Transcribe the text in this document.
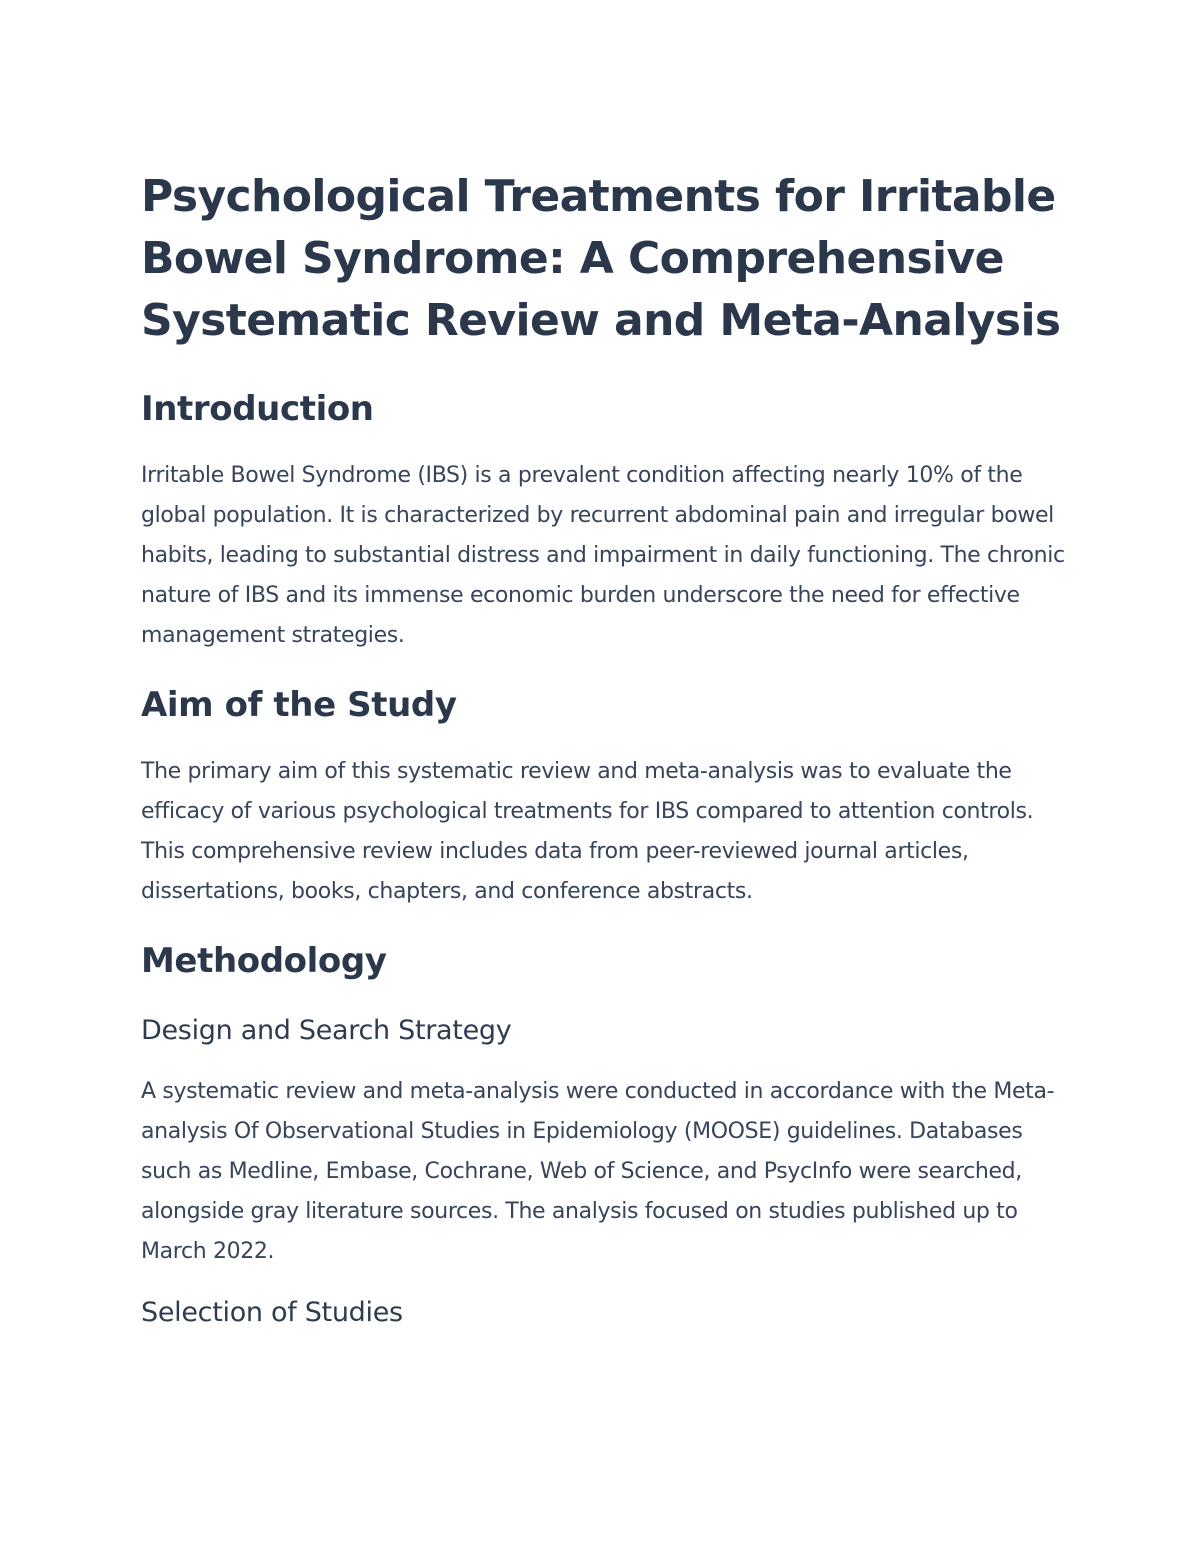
Psychological Treatments for Irritable Bowel Syndrome: A Comprehensive Systematic Review and Meta-Analysis
Introduction

Irritable Bowel Syndrome (IBS) is a prevalent condition affecting nearly 10% of the global population. It is characterized by recurrent abdominal pain and irregular bowel habits, leading to substantial distress and impairment in daily functioning. The chronic nature of IBS and its immense economic burden underscore the need for effective management strategies.

Aim of the Study

The primary aim of this systematic review and meta-analysis was to evaluate the efficacy of various psychological treatments for IBS compared to attention controls. This comprehensive review includes data from peer-reviewed journal articles, dissertations, books, chapters, and conference abstracts.

Methodology
Design and Search Strategy

A systematic review and meta-analysis were conducted in accordance with the Meta-analysis Of Observational Studies in Epidemiology (MOOSE) guidelines. Databases such as Medline, Embase, Cochrane, Web of Science, and PsycInfo were searched, alongside gray literature sources. The analysis focused on studies published up to March 2022.

Selection of Studies
